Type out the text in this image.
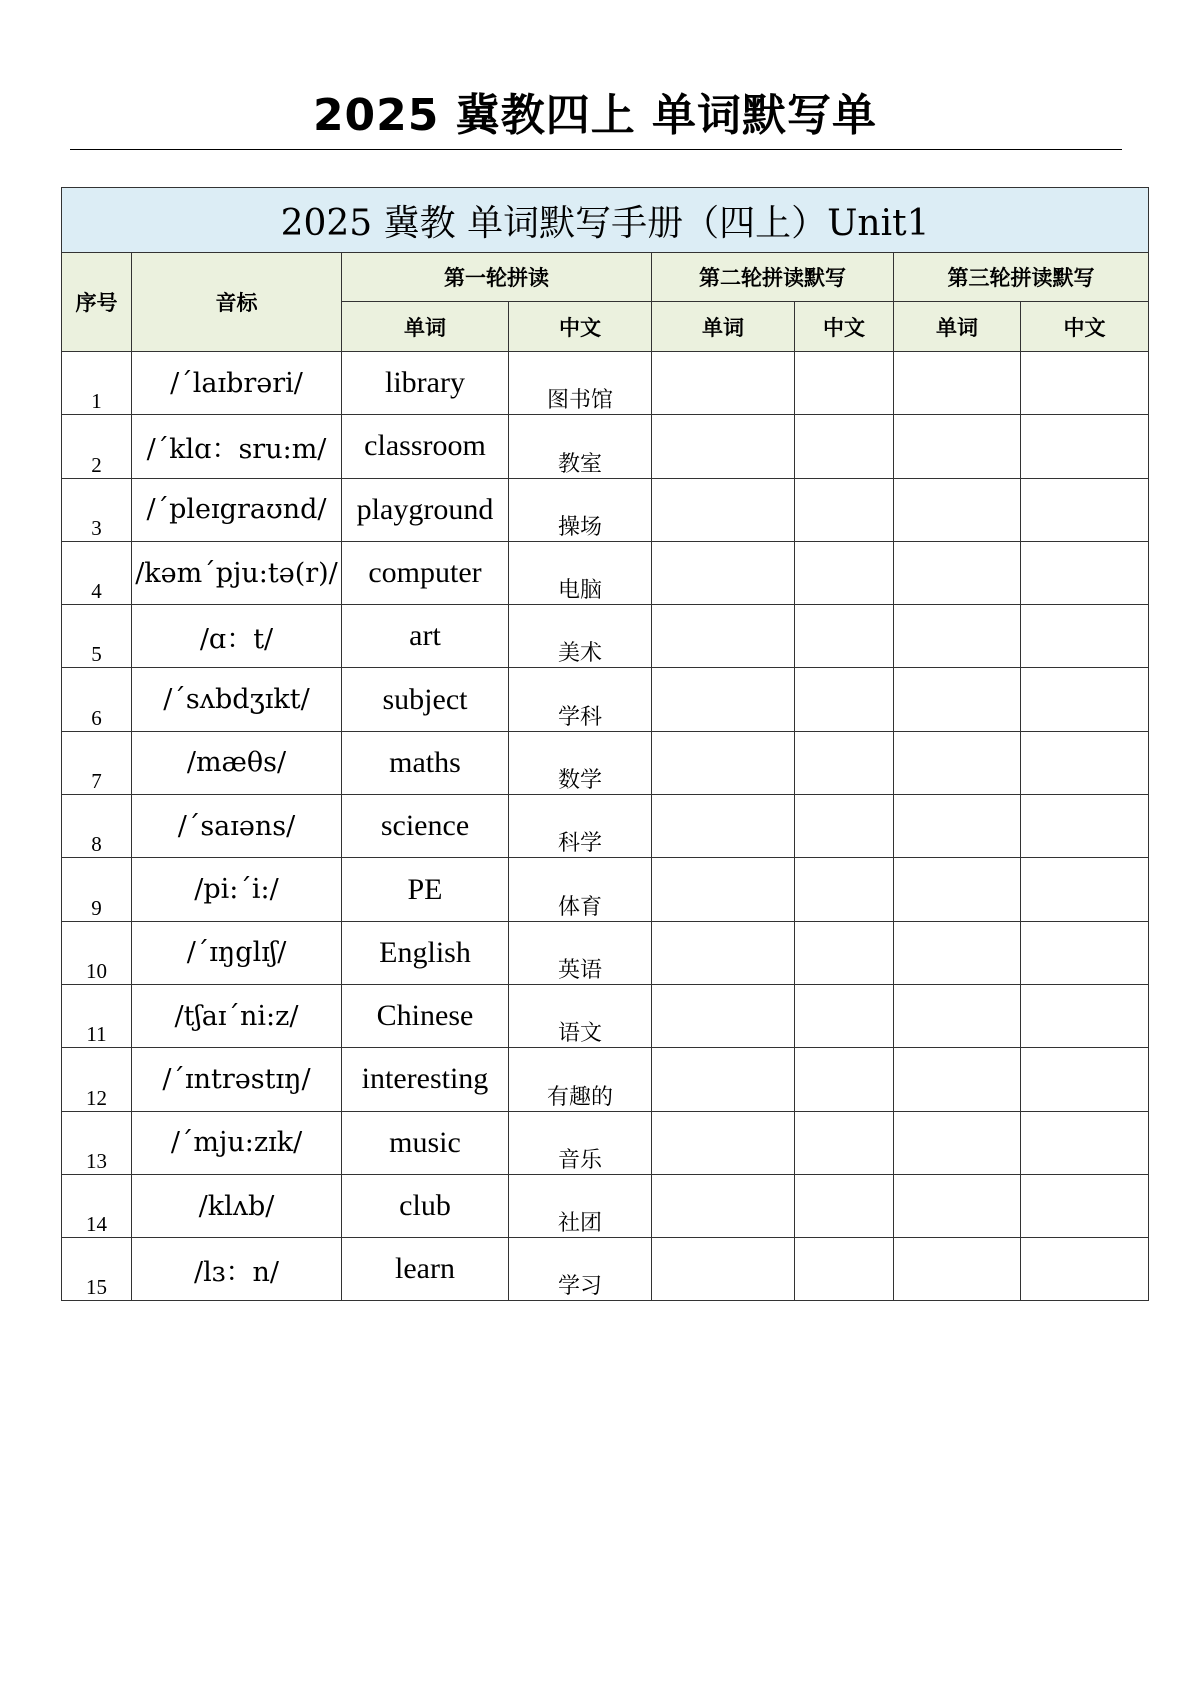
2025 冀教四上 单词默写单
2025 冀教 单词默写手册（四上）Unit1							
序号	音标	第一轮拼读		第二轮拼读默写		第三轮拼读默写	
		单词	中文	单词	中文	单词	中文
1	/ˊlaɪbrəri/	library	图书馆				
2	/ˊklɑ：sru:m/	classroom	教室				
3	/ˊpleɪgraʊnd/	playground	操场				
4	/kəmˊpju:tə(r)/	computer	电脑				
5	/ɑ：t/	art	美术				
6	/ˊsʌbdʒɪkt/	subject	学科				
7	/mæθs/	maths	数学				
8	/ˊsaɪəns/	science	科学				
9	/pi:ˊi:/	PE	体育				
10	/ˊɪŋglɪʃ/	English	英语				
11	/tʃaɪˊni:z/	Chinese	语文				
12	/ˊɪntrəstɪŋ/	interesting	有趣的				
13	/ˊmju:zɪk/	music	音乐				
14	/klʌb/	club	社团				
15	/lɜ：n/	learn	学习				
